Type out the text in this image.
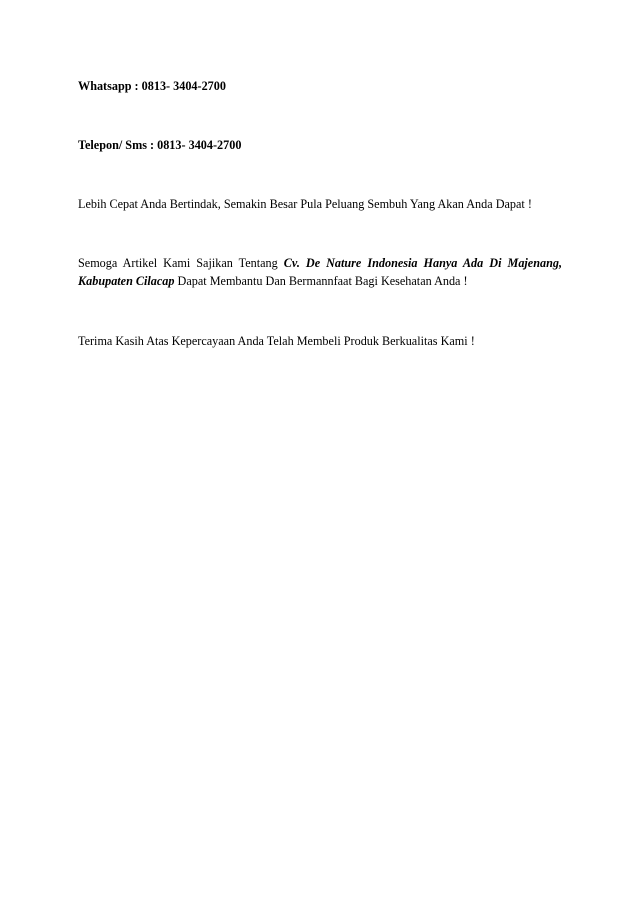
Whatsapp : 0813- 3404-2700
Telepon/ Sms : 0813- 3404-2700
Lebih Cepat Anda Bertindak, Semakin Besar Pula Peluang Sembuh Yang Akan Anda Dapat !
Semoga Artikel Kami Sajikan Tentang Cv. De Nature Indonesia Hanya Ada Di Majenang, Kabupaten Cilacap Dapat Membantu Dan Bermannfaat Bagi Kesehatan Anda !
Terima Kasih Atas Kepercayaan Anda Telah Membeli Produk Berkualitas Kami !
